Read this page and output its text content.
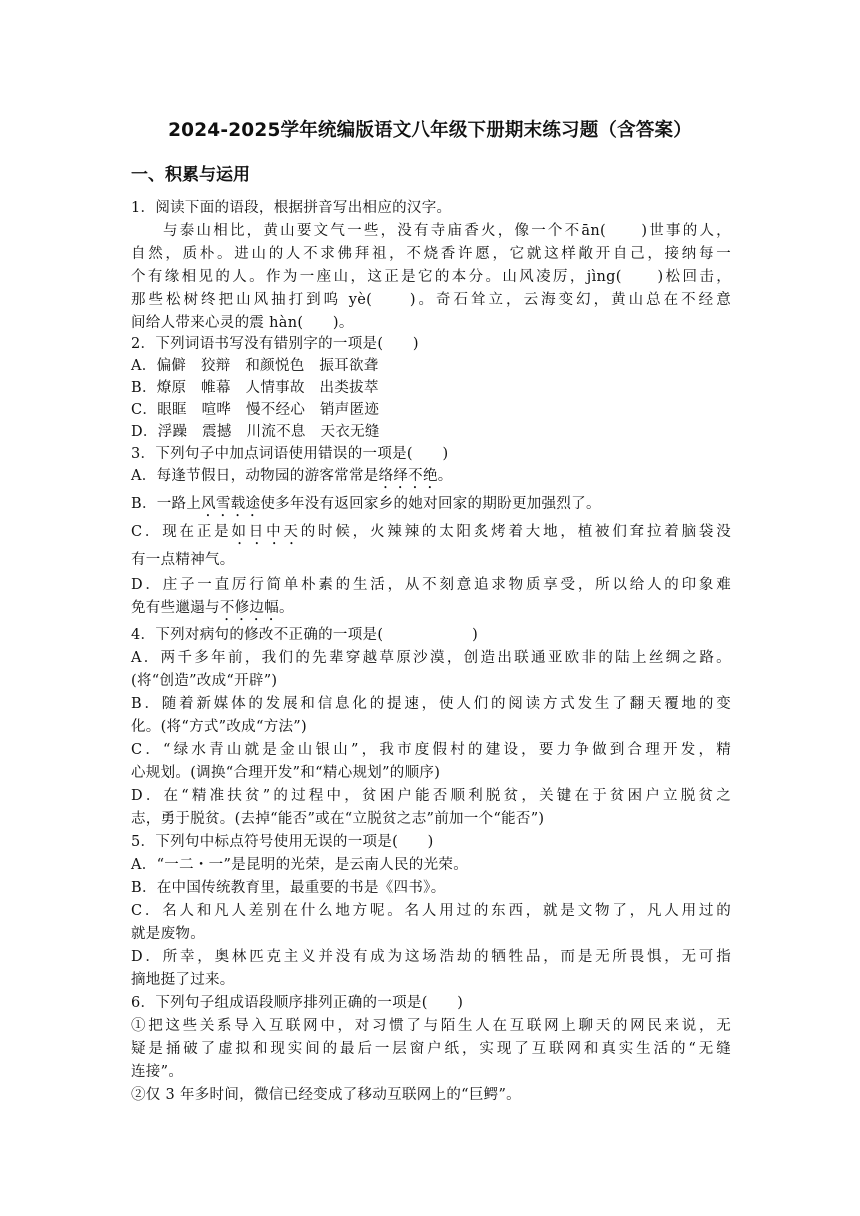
2024-2025学年统编版语文八年级下册期末练习题（含答案）
一、积累与运用
1．阅读下面的语段，根据拼音写出相应的汉字。
与泰山相比，黄山要文气一些，没有寺庙香火，像一个不ān(　　)世事的人，
自然，质朴。进山的人不求佛拜祖，不烧香许愿，它就这样敞开自己，接纳每一
个有缘相见的人。作为一座山，这正是它的本分。山风凌厉，jìng(　　)松回击，
那些松树终把山风抽打到呜 yè(　　)。奇石耸立，云海变幻，黄山总在不经意
间给人带来心灵的震 hàn(　　)。
2．下列词语书写没有错别字的一项是(　　)
A．偏僻　狡辩　和颜悦色　振耳欲聋
B．燎原　帷幕　人情事故　出类拔萃
C．眼眶　喧哗　慢不经心　销声匿迹
D．浮躁　震撼　川流不息　天衣无缝
3．下列句子中加点词语使用错误的一项是(　　)
A．每逢节假日，动物园的游客常常是络绎不绝。
B．一路上风雪载途使多年没有返回家乡的她对回家的期盼更加强烈了。
C．现在正是如日中天的时候，火辣辣的太阳炙烤着大地，植被们耷拉着脑袋没
有一点精神气。
D．庄子一直厉行简单朴素的生活，从不刻意追求物质享受，所以给人的印象难
免有些邋遢与不修边幅。
4．下列对病句的修改不正确的一项是(　　　　　　)
A．两千多年前，我们的先辈穿越草原沙漠，创造出联通亚欧非的陆上丝绸之路。
(将“创造”改成“开辟”)
B．随着新媒体的发展和信息化的提速，使人们的阅读方式发生了翻天覆地的变
化。(将“方式”改成“方法”)
C．“绿水青山就是金山银山”，我市度假村的建设，要力争做到合理开发，精
心规划。(调换“合理开发”和“精心规划”的顺序)
D．在“精准扶贫”的过程中，贫困户能否顺利脱贫，关键在于贫困户立脱贫之
志，勇于脱贫。(去掉“能否”或在“立脱贫之志”前加一个“能否”)
5．下列句中标点符号使用无误的一项是(　　)
A．“一二・一”是昆明的光荣，是云南人民的光荣。
B．在中国传统教育里，最重要的书是《四书》。
C．名人和凡人差别在什么地方呢。名人用过的东西，就是文物了，凡人用过的
就是废物。
D．所幸，奥林匹克主义并没有成为这场浩劫的牺牲品，而是无所畏惧，无可指
摘地挺了过来。
6．下列句子组成语段顺序排列正确的一项是(　　)
①把这些关系导入互联网中，对习惯了与陌生人在互联网上聊天的网民来说，无
疑是捅破了虚拟和现实间的最后一层窗户纸，实现了互联网和真实生活的“无缝
连接”。
②仅 3 年多时间，微信已经变成了移动互联网上的“巨鳄”。
